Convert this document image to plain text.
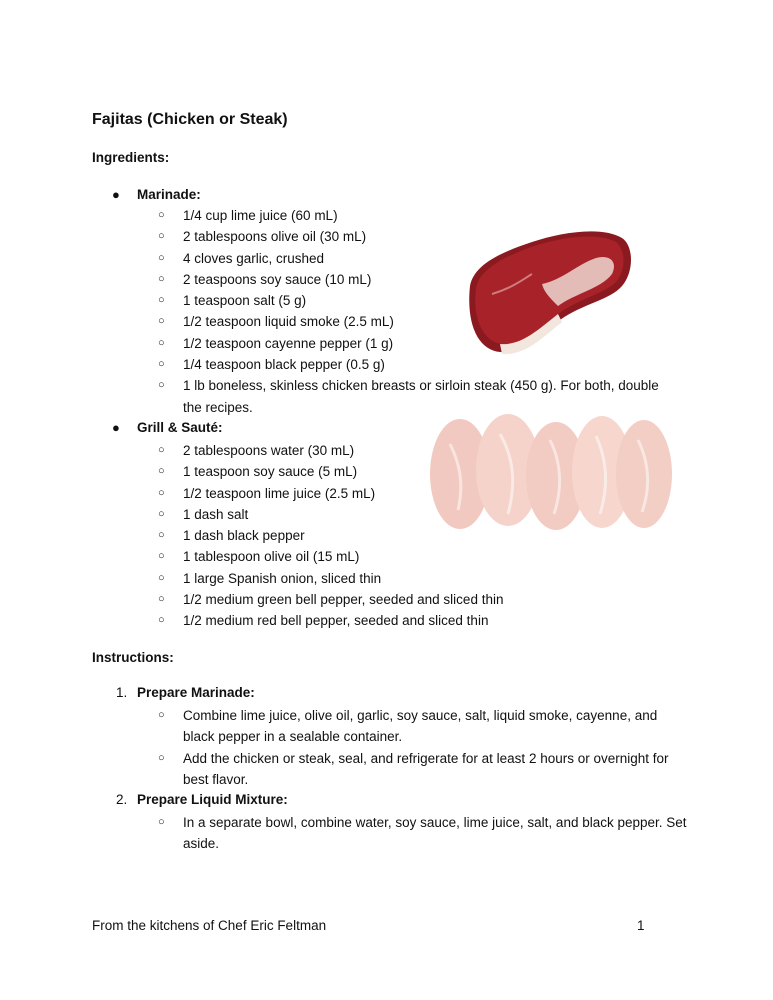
Fajitas (Chicken or Steak)
Ingredients:
● Marinade:
○ 1/4 cup lime juice (60 mL)
○ 2 tablespoons olive oil (30 mL)
○ 4 cloves garlic, crushed
○ 2 teaspoons soy sauce (10 mL)
○ 1 teaspoon salt (5 g)
○ 1/2 teaspoon liquid smoke (2.5 mL)
○ 1/2 teaspoon cayenne pepper (1 g)
○ 1/4 teaspoon black pepper (0.5 g)
○ 1 lb boneless, skinless chicken breasts or sirloin steak (450 g). For both, double the recipes.
● Grill & Sauté:
○ 2 tablespoons water (30 mL)
○ 1 teaspoon soy sauce (5 mL)
○ 1/2 teaspoon lime juice (2.5 mL)
○ 1 dash salt
○ 1 dash black pepper
○ 1 tablespoon olive oil (15 mL)
○ 1 large Spanish onion, sliced thin
○ 1/2 medium green bell pepper, seeded and sliced thin
○ 1/2 medium red bell pepper, seeded and sliced thin
Instructions:
1. Prepare Marinade:
○ Combine lime juice, olive oil, garlic, soy sauce, salt, liquid smoke, cayenne, and black pepper in a sealable container.
○ Add the chicken or steak, seal, and refrigerate for at least 2 hours or overnight for best flavor.
2. Prepare Liquid Mixture:
○ In a separate bowl, combine water, soy sauce, lime juice, salt, and black pepper. Set aside.
From the kitchens of Chef Eric Feltman	1
